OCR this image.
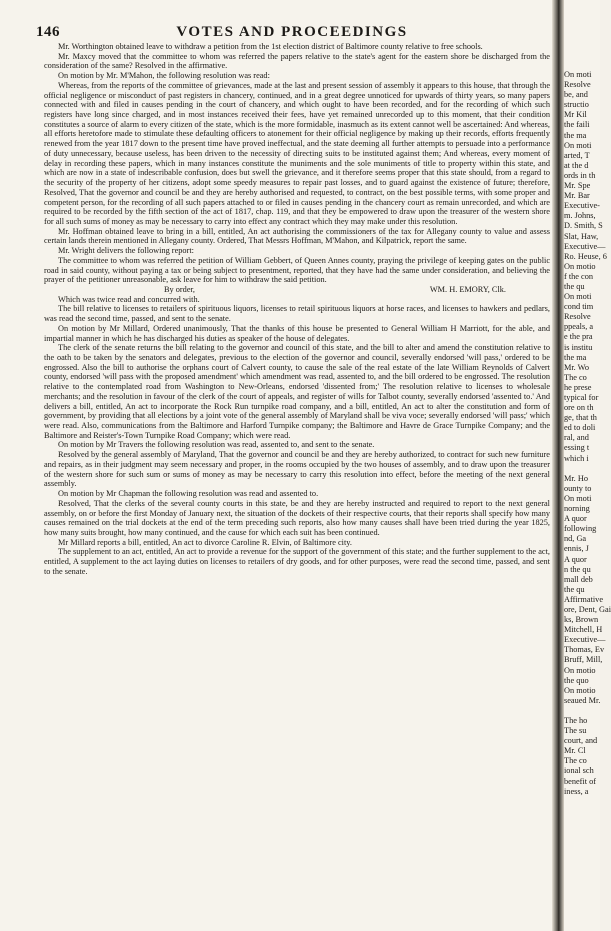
146	VOTES AND PROCEEDINGS

Mr. Worthington obtained leave to withdraw a petition from the 1st election district of Baltimore county relative to free schools.

Mr. Maxcy moved that the committee to whom was referred the papers relative to the state's agent for the eastern shore be discharged from the consideration of the same? Resolved in the affirmative.

On motion by Mr. M'Mahon, the following resolution was read:

Whereas, from the reports of the committee of grievances, made at the last and present session of assembly it appears to this house, that through the official negligence or misconduct of past registers in chancery, continued, and in a great degree unnoticed for upwards of thirty years, so many papers connected with and filed in causes pending in the court of chancery, and which ought to have been recorded, and for the recording of which such registers have long since charged, and in most instances received their fees, have yet remained unrecorded up to this moment, that their condition constitutes a source of alarm to every citizen of the state, which is the more formidable, inasmuch as its extent cannot well be ascertained: And whereas, all efforts heretofore made to stimulate these defaulting officers to atonement for their official negligence by making up their records, efforts frequently renewed from the year 1817 down to the present time have proved ineffectual, and the state deeming all further attempts to persuade into a performance of duty unnecessary, because useless, has been driven to the necessity of directing suits to be instituted against them; And whereas, every moment of delay in recording these papers, which in many instances constitute the muniments and the sole muniments of title to property within this state, and which are now in a state of indescribable confusion, does but swell the grievance, and it therefore seems proper that this state should, from a regard to the security of the property of her citizens, adopt some speedy measures to repair past losses, and to guard against the existence of future; therefore, Resolved, That the governor and council be and they are hereby authorised and requested, to contract, on the best possible terms, with some proper and competent person, for the recording of all such papers attached to or filed in causes pending in the chancery court as remain unrecorded, and which are required to be recorded by the fifth section of the act of 1817, chap. 119, and that they be empowered to draw upon the treasurer of the western shore for all such sums of money as may be necessary to carry into effect any contract which they may make under this resolution.

Mr. Hoffman obtained leave to bring in a bill, entitled, An act authorising the commissioners of the tax for Allegany county to value and assess certain lands therein mentioned in Allegany county. Ordered, That Messrs Hoffman, M'Mahon, and Kilpatrick, report the same.

Mr. Wright delivers the following report:

The committee to whom was referred the petition of William Gebbert, of Queen Annes county, praying the privilege of keeping gates on the public road in said county, without paying a tax or being subject to presentment, reported, that they have had the same under consideration, and believing the prayer of the petitioner unreasonable, ask leave for him to withdraw the said petition.

By order,	WM. H. EMORY, Clk.

Which was twice read and concurred with.

The bill relative to licenses to retailers of spirituous liquors, licenses to retail spirituous liquors at horse races, and licenses to hawkers and pedlars, was read the second time, passed, and sent to the senate.

On motion by Mr Millard, Ordered unanimously, That the thanks of this house be presented to General William H Marriott, for the able, and impartial manner in which he has discharged his duties as speaker of the house of delegates.

The clerk of the senate returns the bill relating to the governor and council of this state, and the bill to alter and amend the constitution relative to the oath to be taken by the senators and delegates, previous to the election of the governor and council, severally endorsed 'will pass,' ordered to be engrossed. Also the bill to authorise the orphans court of Calvert county, to cause the sale of the real estate of the late William Reynolds of Calvert county, endorsed 'will pass with the proposed amendment' which amendment was read, assented to, and the bill ordered to be engrossed. The resolution relative to the contemplated road from Washington to New-Orleans, endorsed 'dissented from;' The resolution relative to licenses to wholesale merchants; and the resolution in favour of the clerk of the court of appeals, and register of wills for Talbot county, severally endorsed 'assented to.' And delivers a bill, entitled, An act to incorporate the Rock Run turnpike road company, and a bill, entitled, An act to alter the constitution and form of government, by providing that all elections by a joint vote of the general assembly of Maryland shall be viva voce; severally endorsed 'will pass;' which were read. Also, communications from the Baltimore and Harford Turnpike company; the Baltimore and Havre de Grace Turnpike Company; and the Baltimore and Reister's-Town Turnpike Road Company; which were read.

On motion by Mr Travers the following resolution was read, assented to, and sent to the senate.

Resolved by the general assembly of Maryland, That the governor and council be and they are hereby authorized, to contract for such new furniture and repairs, as in their judgment may seem necessary and proper, in the rooms occupied by the two houses of assembly, and to draw upon the treasurer of the western shore for such sum or sums of money as may be necessary to carry this resolution into effect, before the meeting of the next general assembly.

On motion by Mr Chapman the following resolution was read and assented to.

Resolved, That the clerks of the several county courts in this state, be and they are hereby instructed and required to report to the next general assembly, on or before the first Monday of January next, the situation of the dockets of their respective courts, that their reports shall specify how many causes remained on the trial dockets at the end of the term preceding such reports, also how many causes shall have been tried during the year 1825, how many suits brought, how many continued, and the cause for which each suit has been continued.

Mr Millard reports a bill, entitled, An act to divorce Caroline R. Elvin, of Baltimore city.

The supplement to an act, entitled, An act to provide a revenue for the support of the government of this state; and the further supplement to the act, entitled, A supplement to the act laying duties on licenses to retailers of dry goods, and for other purposes, were read the second time, passed, and sent to the senate.

On moti
Resolve
be, and
structio
Mr Kil
the faili
the ma
On moti
arted, T
at the d
ords in th
Mr. Spe
Mr. Bar
Executive-
m. Johns,
D. Smith, S
Slat, Haw,
Executive—
Ro. Heuse, 6
On motio
f the con
the qu
On moti
cond tim
Resolve
ppeals, a
e the pra
is institu
the ma
Mr. Wo
The co
he prese
typical for
ore on th
ge, that th
ed to doli
ral, and
essing t
which i
Mr. Ho
ounty to
On moti
norning
A quor
following
nd, Ga
ennis, J
A quor
n the qu
mall deb
the qu
Affirmative
ore, Dent, Gai
ks, Brown
Mitchell, H
Executive—
Thomas, Ev
Bruff, Mill,
On motio
the quo
On motio
seaued Mr.
The ho
The su
court, and
Mr. Cl
The co
ional sch
benefit of
iness, a
